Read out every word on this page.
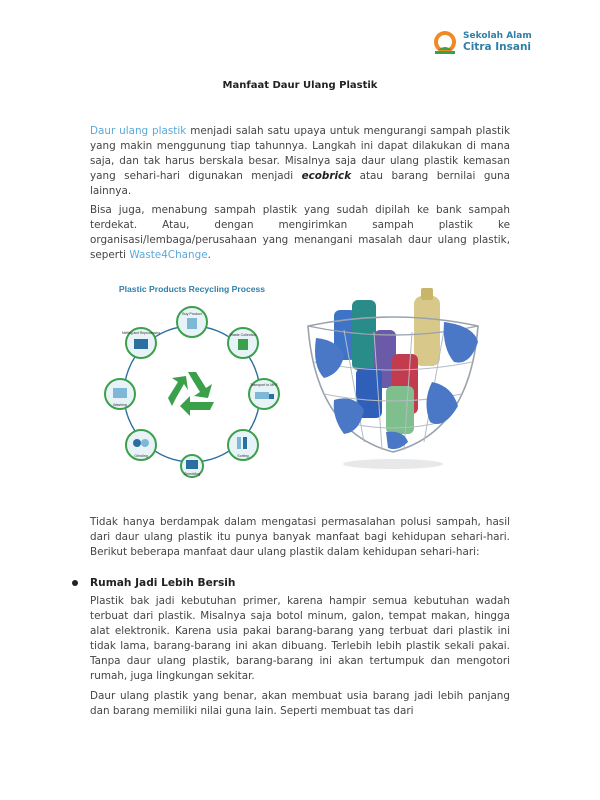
Sekolah Alam
Citra Insani
Manfaat Daur Ulang Plastik

Daur ulang plastik menjadi salah satu upaya untuk mengurangi sampah plastik yang makin menggunung tiap tahunnya. Langkah ini dapat dilakukan di mana saja, dan tak harus berskala besar. Misalnya saja daur ulang plastik kemasan yang sehari-hari digunakan menjadi ecobrick atau barang bernilai guna lainnya.

Bisa juga, menabung sampah plastik yang sudah dipilah ke bank sampah terdekat. Atau, dengan mengirimkan sampah plastik ke organisasi/lembaga/perusahaan yang menangani masalah daur ulang plastik, seperti Waste4Change.

Plastic Products Recycling Process
Buy Product
Waste Collection
Transport to MRF
Sorting
Shredding
Grinding
Washing
Melting and Reprocessing

Tidak hanya berdampak dalam mengatasi permasalahan polusi sampah, hasil dari daur ulang plastik itu punya banyak manfaat bagi kehidupan sehari-hari. Berikut beberapa manfaat daur ulang plastik dalam kehidupan sehari-hari:

Rumah Jadi Lebih Bersih

Plastik bak jadi kebutuhan primer, karena hampir semua kebutuhan wadah terbuat dari plastik. Misalnya saja botol minum, galon, tempat makan, hingga alat elektronik. Karena usia pakai barang-barang yang terbuat dari plastik ini tidak lama, barang-barang ini akan dibuang. Terlebih lebih plastik sekali pakai. Tanpa daur ulang plastik, barang-barang ini akan tertumpuk dan mengotori rumah, juga lingkungan sekitar.

Daur ulang plastik yang benar, akan membuat usia barang jadi lebih panjang dan barang memiliki nilai guna lain. Seperti membuat tas dari
